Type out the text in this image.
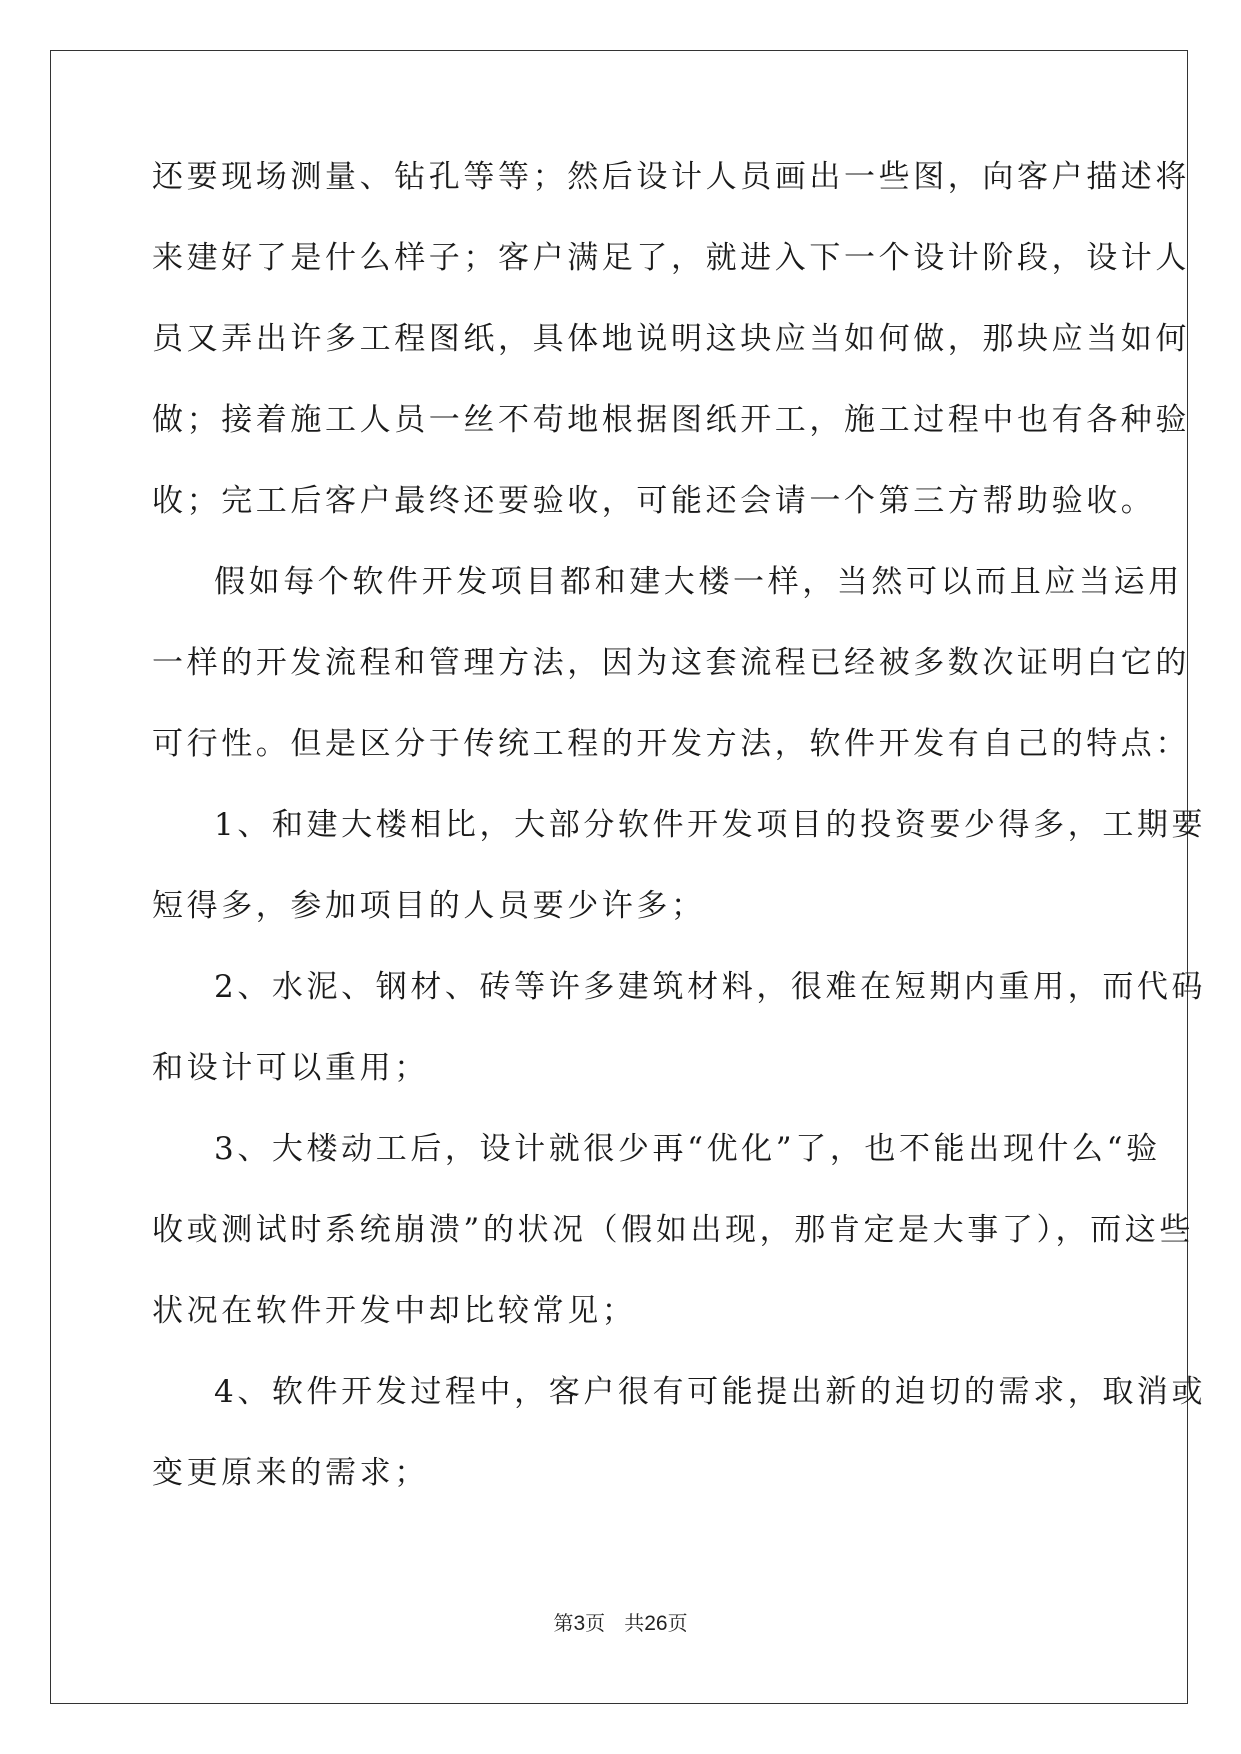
还要现场测量、钻孔等等；然后设计人员画出一些图，向客户描述将
来建好了是什么样子；客户满足了，就进入下一个设计阶段，设计人
员又弄出许多工程图纸，具体地说明这块应当如何做，那块应当如何
做；接着施工人员一丝不苟地根据图纸开工，施工过程中也有各种验
收；完工后客户最终还要验收，可能还会请一个第三方帮助验收。
假如每个软件开发项目都和建大楼一样，当然可以而且应当运用
一样的开发流程和管理方法，因为这套流程已经被多数次证明白它的
可行性。但是区分于传统工程的开发方法，软件开发有自己的特点：
1、和建大楼相比，大部分软件开发项目的投资要少得多，工期要
短得多，参加项目的人员要少许多；
2、水泥、钢材、砖等许多建筑材料，很难在短期内重用，而代码
和设计可以重用；
3、大楼动工后，设计就很少再“优化”了，也不能出现什么“验
收或测试时系统崩溃”的状况（假如出现，那肯定是大事了），而这些
状况在软件开发中却比较常见；
4、软件开发过程中，客户很有可能提出新的迫切的需求，取消或
变更原来的需求；
第3页 共26页
